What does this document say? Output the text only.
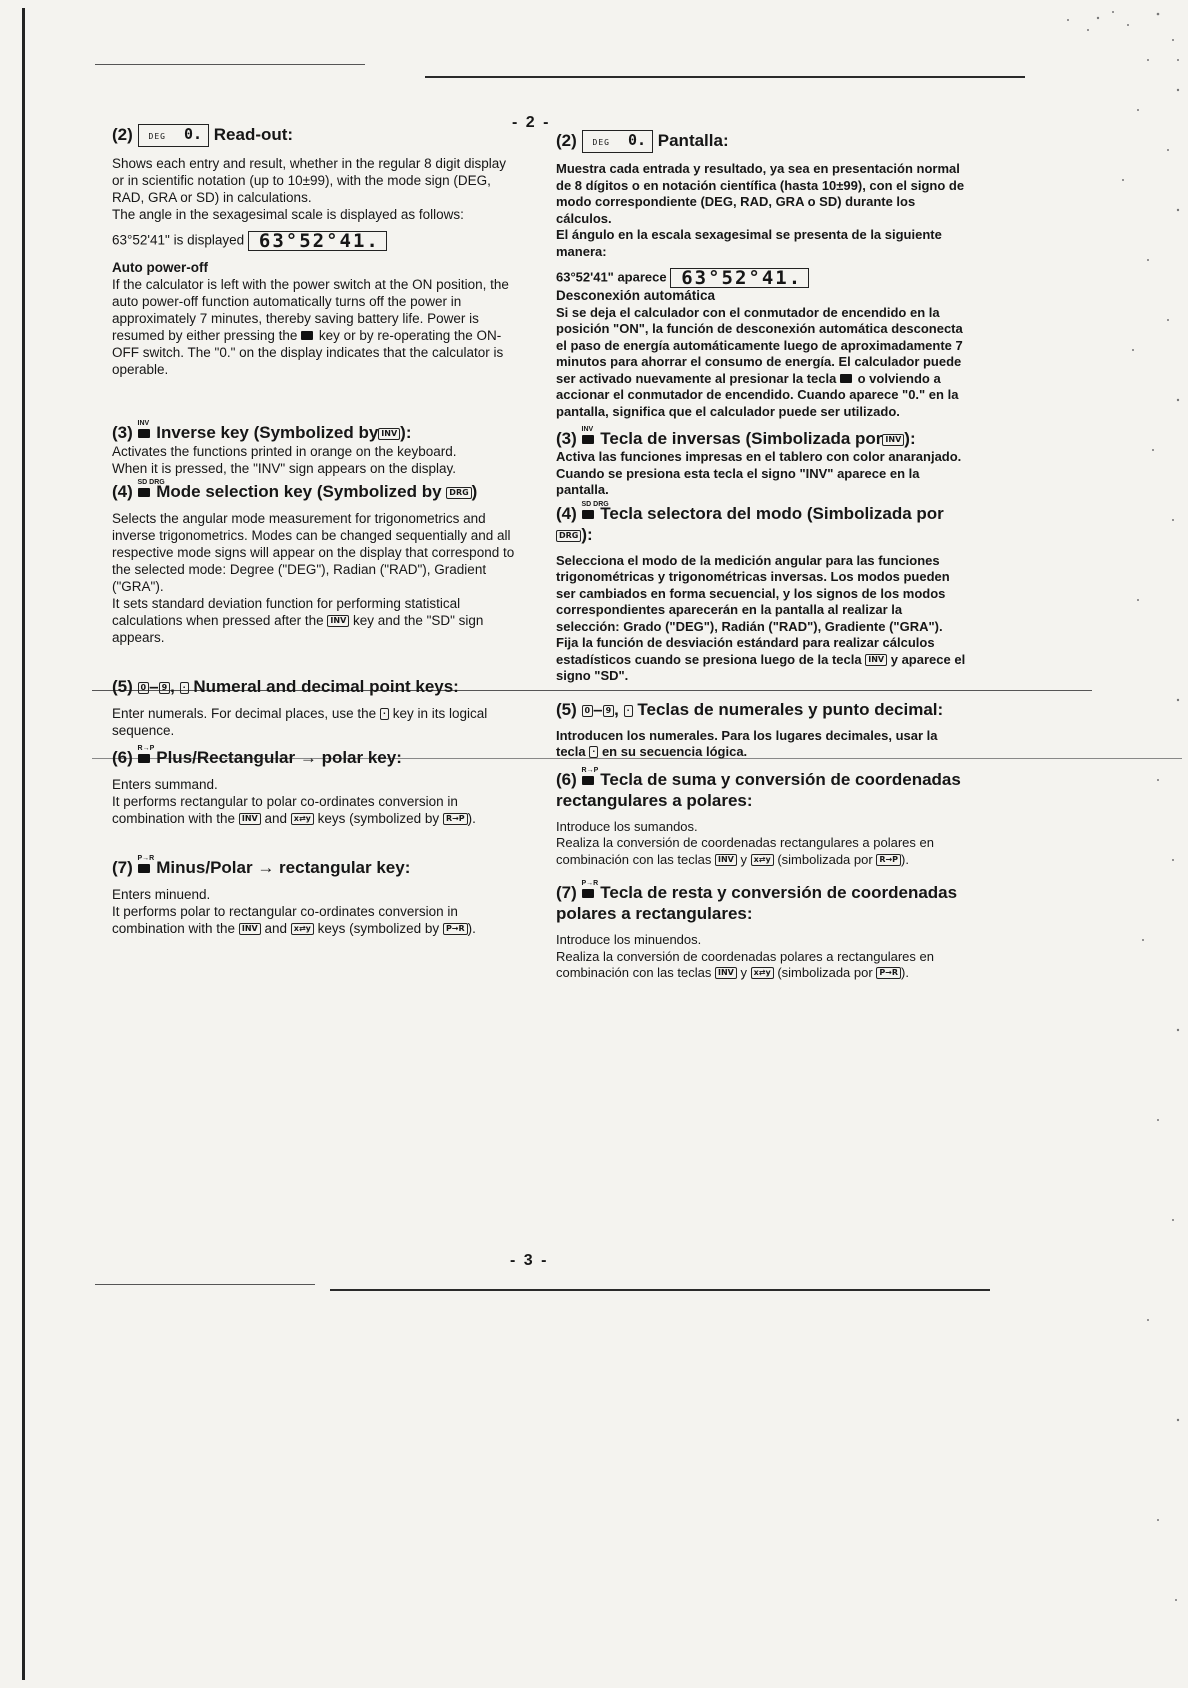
- 2 -
- 3 -
(2) DEG 0. Read-out:

Shows each entry and result, whether in the regular 8 digit display or in scientific notation (up to 10±99), with the mode sign (DEG, RAD, GRA or SD) in calculations.

The angle in the sexagesimal scale is displayed as follows:

63°52'41" is displayed 63°52°41.

Auto power-off

If the calculator is left with the power switch at the ON position, the auto power-off function automatically turns off the power in approximately 7 minutes, thereby saving battery life. Power is resumed by either pressing the key or by re-operating the ON-OFF switch. The "0." on the display indicates that the calculator is operable.

(3) INV Inverse key (Symbolized by INV ):

Activates the functions printed in orange on the keyboard.

When it is pressed, the "INV" sign appears on the display.

(4) SD DRG
Mode selection key (Symbolized by DRG )

Selects the angular mode measurement for trigonometrics and inverse trigonometrics. Modes can be changed sequentially and all respective mode signs will appear on the display that correspond to the selected mode: Degree ("DEG"), Radian ("RAD"), Gradient ("GRA").

It sets standard deviation function for performing statistical calculations when pressed after the INV key and the "SD" sign appears.

(5) 0 – 9 , · Numeral and decimal point keys:

Enter numerals. For decimal places, use the · key in its logical sequence.

(6) R→P Plus/Rectangular → polar key:

Enters summand.

It performs rectangular to polar co-ordinates conversion in combination with the INV and x⇄y keys (symbolized by R→P ).

(7) P→R Minus/Polar → rectangular key:

Enters minuend.

It performs polar to rectangular co-ordinates conversion in combination with the INV and x⇄y keys (symbolized by P→R ).

(2) DEG 0. Pantalla:

Muestra cada entrada y resultado, ya sea en presentación normal de 8 dígitos o en notación científica (hasta 10±99), con el signo de modo correspondiente (DEG, RAD, GRA o SD) durante los cálculos.

El ángulo en la escala sexagesimal se presenta de la siguiente manera:

63°52'41" aparece 63°52°41.

Desconexión automática

Si se deja el calculador con el conmutador de encendido en la posición "ON", la función de desconexión automática desconecta el paso de energía automáticamente luego de aproximadamente 7 minutos para ahorrar el consumo de energía. El calculador puede ser activado nuevamente al presionar la tecla o volviendo a accionar el conmutador de encendido. Cuando aparece "0." en la pantalla, significa que el calculador puede ser utilizado.

(3) INV Tecla de inversas (Simbolizada por INV ):

Activa las funciones impresas en el tablero con color anaranjado.

Cuando se presiona esta tecla el signo "INV" aparece en la pantalla.

(4) SD DRG
Tecla selectora del modo (Simbolizada por DRG ):

Selecciona el modo de la medición angular para las funciones trigonométricas y trigonométricas inversas. Los modos pueden ser cambiados en forma secuencial, y los signos de los modos correspondientes aparecerán en la pantalla al realizar la selección: Grado ("DEG"), Radián ("RAD"), Gradiente ("GRA").

Fija la función de desviación estándard para realizar cálculos estadísticos cuando se presiona luego de la tecla INV y aparece el signo "SD".

(5) 0 – 9 , · Teclas de numerales y punto decimal:

Introducen los numerales. Para los lugares decimales, usar la tecla · en su secuencia lógica.

(6) R→P Tecla de suma y conversión de coordenadas rectangulares a polares:

Introduce los sumandos.

Realiza la conversión de coordenadas rectangulares a polares en combinación con las teclas INV y x⇄y (simbolizada por R→P ).

(7) P→R Tecla de resta y conversión de coordenadas polares a rectangulares:

Introduce los minuendos.

Realiza la conversión de coordenadas polares a rectangulares en combinación con las teclas INV y x⇄y (simbolizada por P→R ).
